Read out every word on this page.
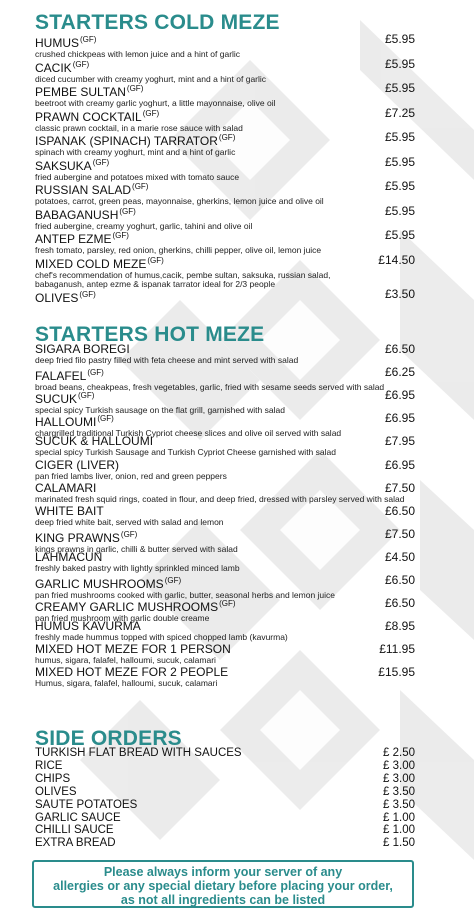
STARTERS COLD MEZE
$HUMUS^{(GF)}$	£5.95
crushed chickpeas with lemon juice and a hint of garlic
$CACIK^{(GF)}$	£5.95
diced cucumber with creamy yoghurt, mint and a hint of garlic
PEMBE $SULTAN^{(GF)}$	£5.95
beetroot with creamy garlic yoghurt, a little mayonnaise, olive oil
PRAWN $COCKTAIL^{(GF)}$	£7.25
classic prawn cocktail, in a marie rose sauce with salad
ISPANAK (SPINACH) $TARRATOR^{(GF)}$	£5.95
spinach with creamy yoghurt, mint and a hint of garlic
$SAKSUKA^{(GF)}$	£5.95
fried aubergine and potatoes mixed with tomato sauce
RUSSIAN $SALAD^{(GF)}$	£5.95
potatoes, carrot, green peas, mayonnaise, gherkins, lemon juice and olive oil
$BABAGANUSH^{(GF)}$	£5.95
fried aubergine, creamy yoghurt, garlic, tahini and olive oil
ANTEP $EZME^{(GF)}$	£5.95
fresh tomato, parsley, red onion, gherkins, chilli pepper, olive oil, lemon juice
MIXED COLD $MEZE^{(GF)}$	£14.50
chef's recommendation of humus,cacik, pembe sultan, saksuka, russian salad,
babaganush, antep ezme & ispanak tarrator ideal for 2/3 people
$OLIVES^{(GF)}$	£3.50
STARTERS HOT MEZE
SIGARA BOREGI	£6.50
deep fried filo pastry filled with feta cheese and mint served with salad
$FALAFEL^{(GF)}$	£6.25
broad beans, cheakpeas, fresh vegetables, garlic, fried with sesame seeds served with salad
$SUCUK^{(GF)}$	£6.95
special spicy Turkish sausage on the flat grill, garnished with salad
$HALLOUMI^{(GF)}$	£6.95
chargrilled traditional Turkish Cypriot cheese slices and olive oil served with salad
SUCUK & HALLOUMI	£7.95
special spicy Turkish Sausage and Turkish Cypriot Cheese garnished with salad
CIGER (LIVER)	£6.95
pan fried lambs liver, onion, red and green peppers
CALAMARI	£7.50
marinated fresh squid rings, coated in flour, and deep fried, dressed with parsley served with salad
WHITE BAIT	£6.50
deep fried white bait, served with salad and lemon
KING $PRAWNS^{(GF)}$	£7.50
kings prawns in garlic, chilli & butter served with salad
LAHMACUN	£4.50
freshly baked pastry with lightly sprinkled minced lamb
GARLIC $MUSHROOMS^{(GF)}$	£6.50
pan fried mushrooms cooked with garlic, butter, seasonal herbs and lemon juice
CREAMY GARLIC $MUSHROOMS^{(GF)}$	£6.50
pan fried mushroom with garlic double creame
HUMUS KAVURMA	£8.95
freshly made hummus topped with spiced chopped lamb (kavurma)
MIXED HOT MEZE FOR 1 PERSON	£11.95
humus, sigara, falafel, halloumi, sucuk, calamari
MIXED HOT MEZE FOR 2 PEOPLE	£15.95
Humus, sigara, falafel, halloumi, sucuk, calamari
SIDE ORDERS
TURKISH FLAT BREAD WITH SAUCES	£ 2.50
RICE	£ 3.00
CHIPS	£ 3.00
OLIVES	£ 3.50
SAUTE POTATOES	£ 3.50
GARLIC SAUCE	£ 1.00
CHILLI SAUCE	£ 1.00
EXTRA BREAD	£ 1.50
Please always inform your server of any
allergies or any special dietary before placing your order,
as not all ingredients can be listed
